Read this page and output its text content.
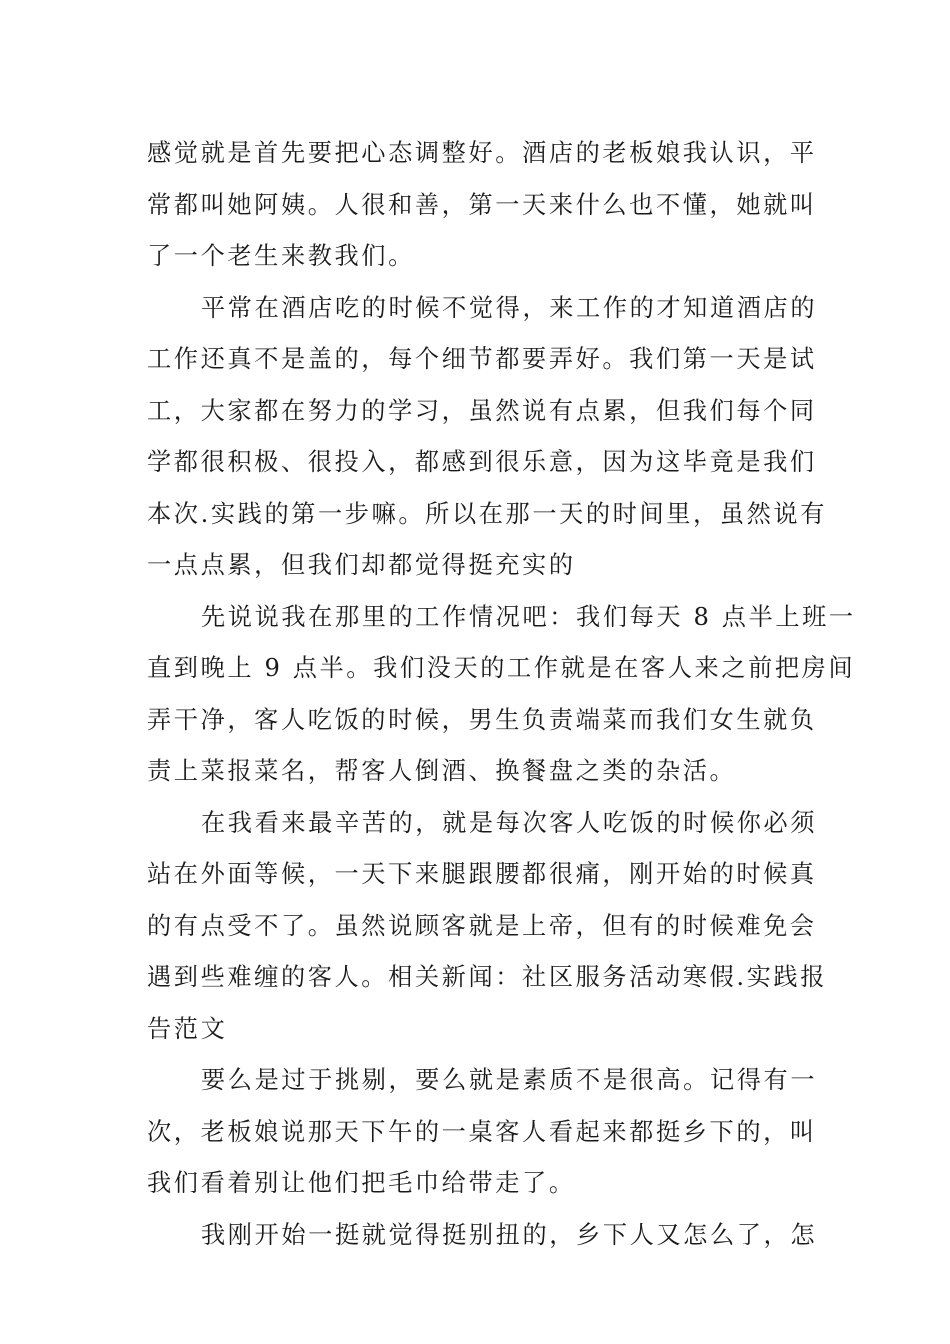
感觉就是首先要把心态调整好。酒店的老板娘我认识，平
常都叫她阿姨。人很和善，第一天来什么也不懂，她就叫
了一个老生来教我们。
平常在酒店吃的时候不觉得，来工作的才知道酒店的
工作还真不是盖的，每个细节都要弄好。我们第一天是试
工，大家都在努力的学习，虽然说有点累，但我们每个同
学都很积极、很投入，都感到很乐意，因为这毕竟是我们
本次.实践的第一步嘛。所以在那一天的时间里，虽然说有
一点点累，但我们却都觉得挺充实的
先说说我在那里的工作情况吧：我们每天 8 点半上班一
直到晚上 9 点半。我们没天的工作就是在客人来之前把房间
弄干净，客人吃饭的时候，男生负责端菜而我们女生就负
责上菜报菜名，帮客人倒酒、换餐盘之类的杂活。
在我看来最辛苦的，就是每次客人吃饭的时候你必须
站在外面等候，一天下来腿跟腰都很痛，刚开始的时候真
的有点受不了。虽然说顾客就是上帝，但有的时候难免会
遇到些难缠的客人。相关新闻：社区服务活动寒假.实践报
告范文
要么是过于挑剔，要么就是素质不是很高。记得有一
次，老板娘说那天下午的一桌客人看起来都挺乡下的，叫
我们看着别让他们把毛巾给带走了。
我刚开始一挺就觉得挺别扭的，乡下人又怎么了，怎
